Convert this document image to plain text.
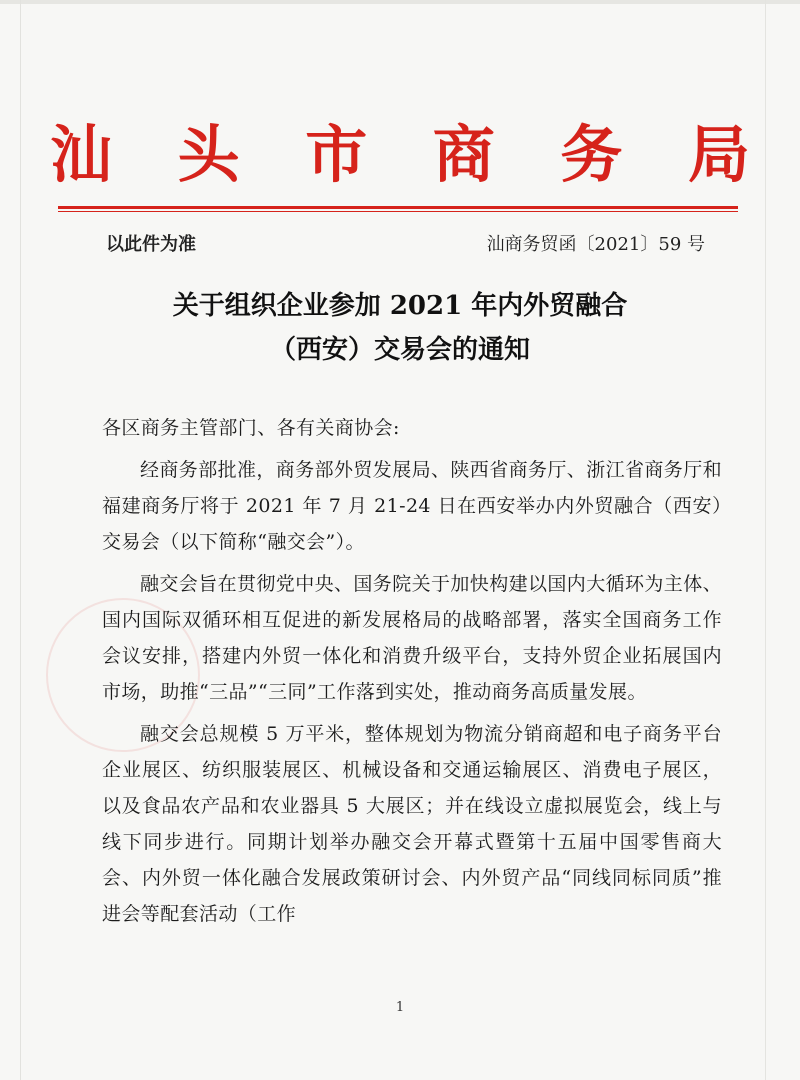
汕 头 市 商 务 局
以此件为准	汕商务贸函〔2021〕59 号
关于组织企业参加 2021 年内外贸融合
（西安）交易会的通知

各区商务主管部门、各有关商协会:

经商务部批准，商务部外贸发展局、陕西省商务厅、浙江省商务厅和福建商务厅将于 2021 年 7 月 21-24 日在西安举办内外贸融合（西安）交易会（以下简称“融交会”）。

融交会旨在贯彻党中央、国务院关于加快构建以国内大循环为主体、国内国际双循环相互促进的新发展格局的战略部署，落实全国商务工作会议安排，搭建内外贸一体化和消费升级平台，支持外贸企业拓展国内市场，助推“三品”“三同”工作落到实处，推动商务高质量发展。

融交会总规模 5 万平米，整体规划为物流分销商超和电子商务平台企业展区、纺织服装展区、机械设备和交通运输展区、消费电子展区，以及食品农产品和农业器具 5 大展区；并在线设立虚拟展览会，线上与线下同步进行。同期计划举办融交会开幕式暨第十五届中国零售商大会、内外贸一体化融合发展政策研讨会、内外贸产品“同线同标同质”推进会等配套活动（工作

1
